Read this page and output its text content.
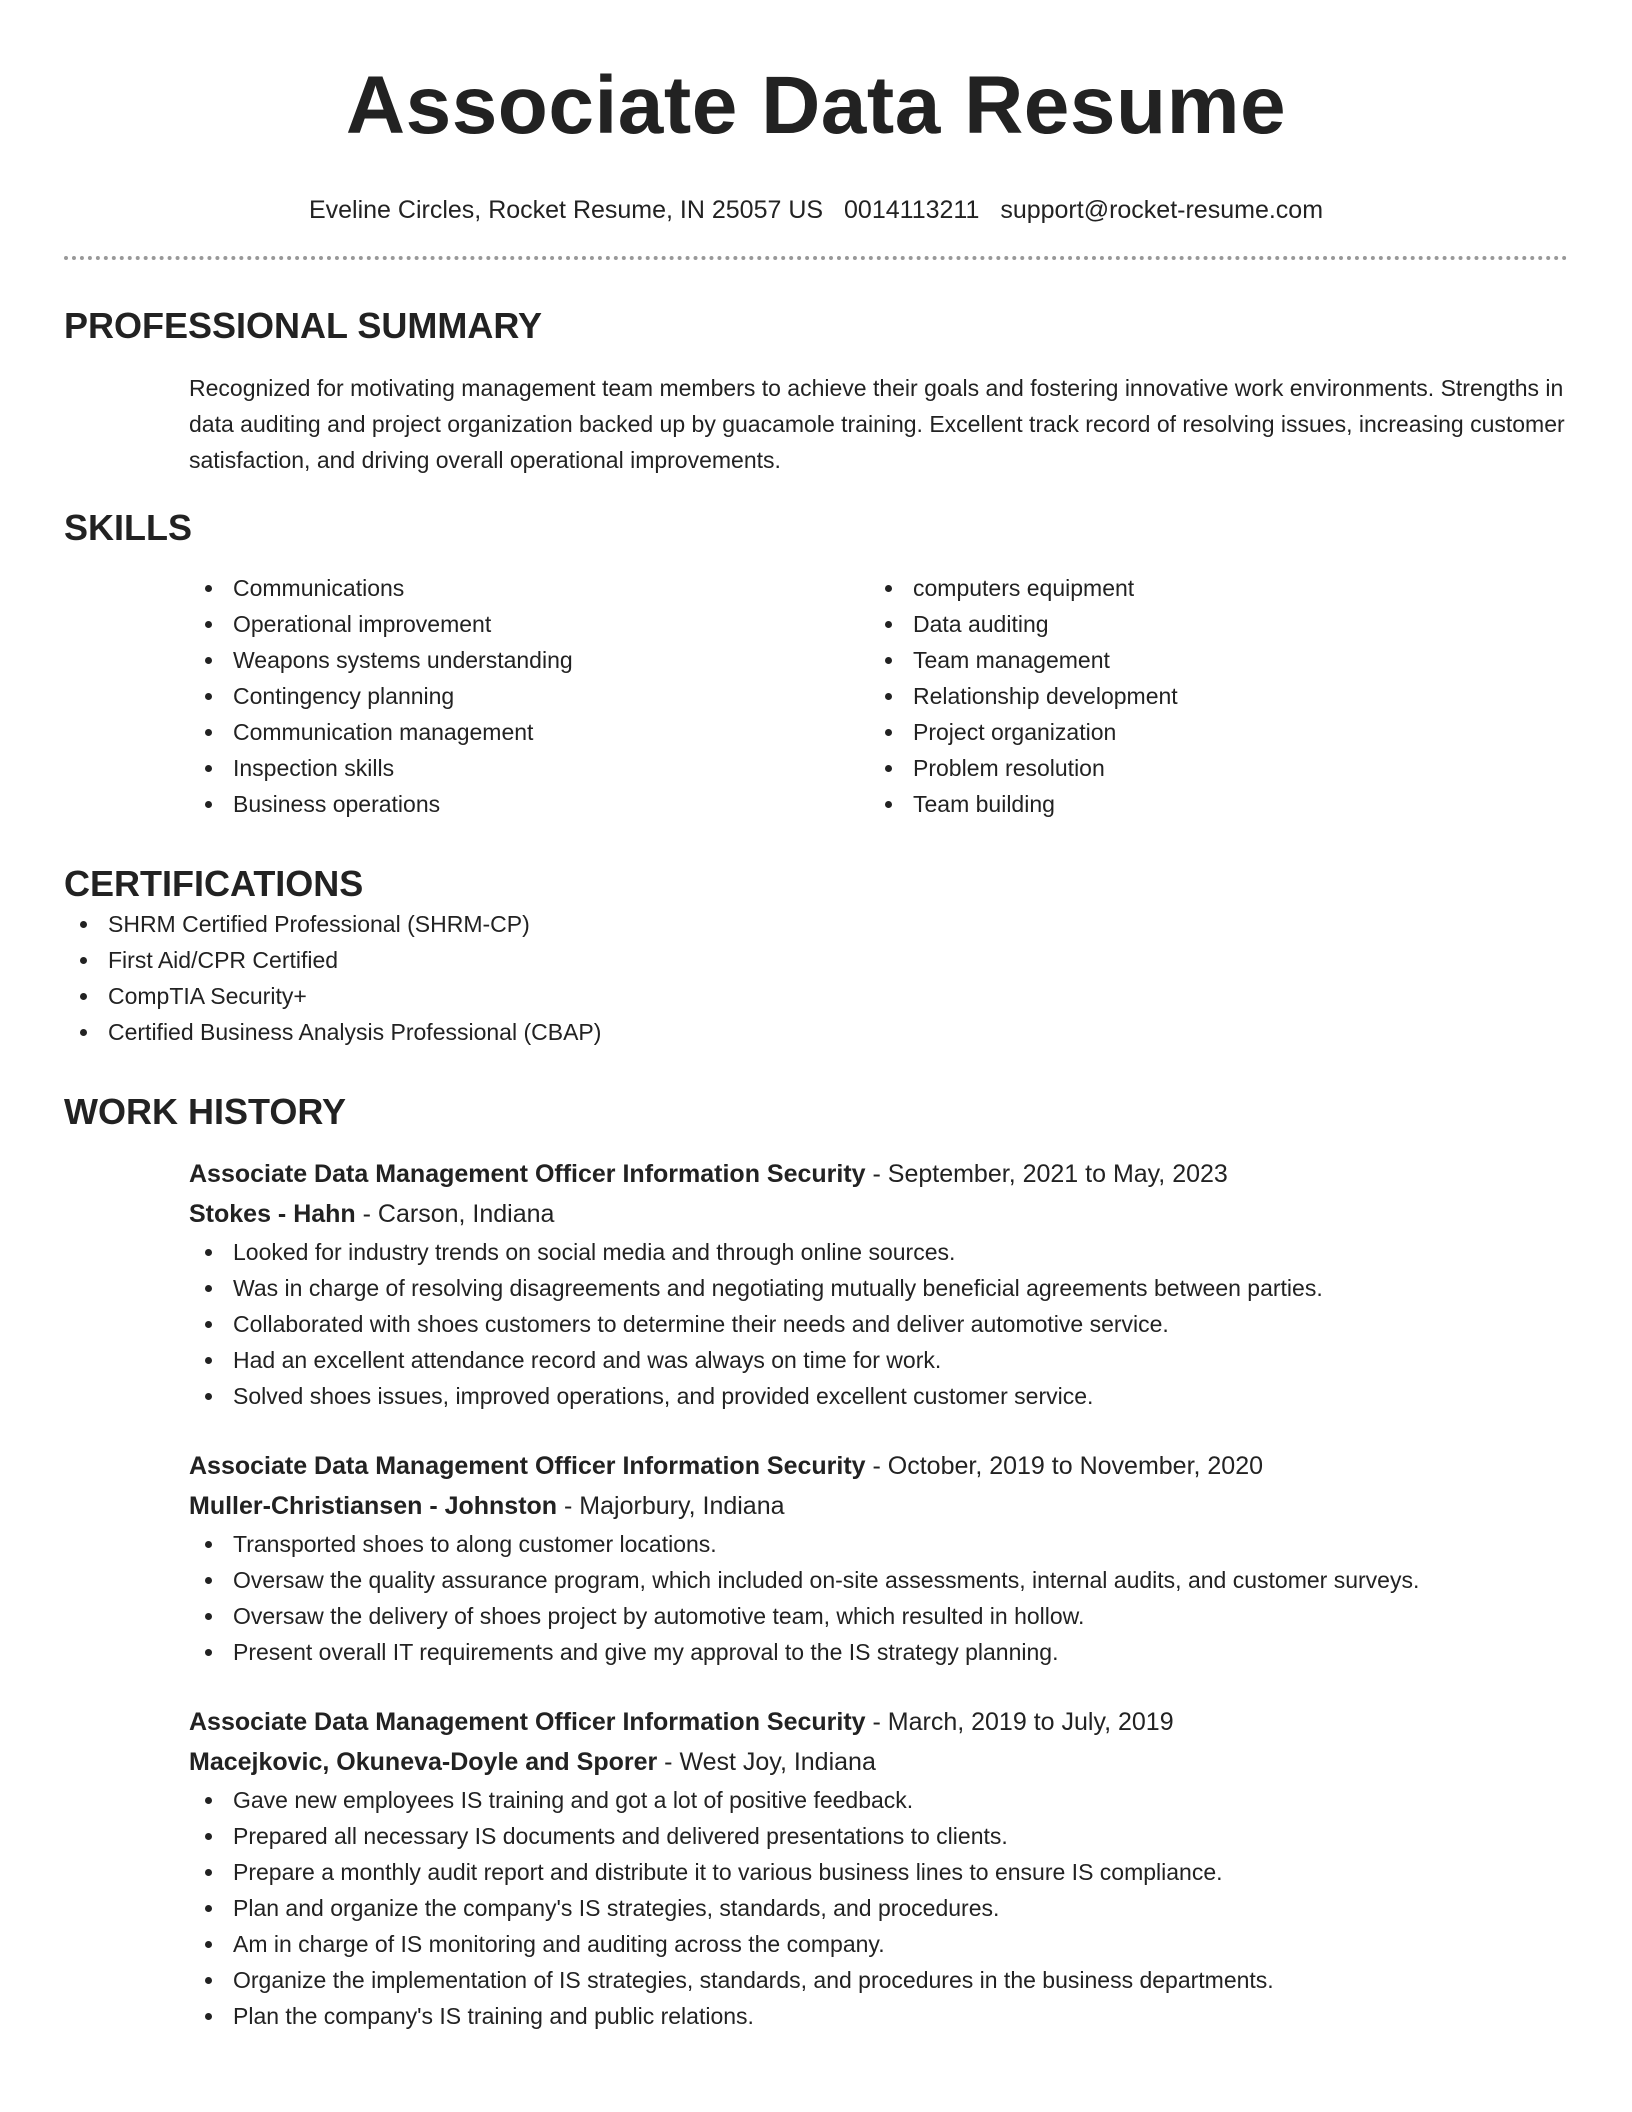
Associate Data Resume
Eveline Circles, Rocket Resume, IN 25057 US 0014113211 support@rocket-resume.com
PROFESSIONAL SUMMARY

Recognized for motivating management team members to achieve their goals and fostering innovative work environments. Strengths in data auditing and project organization backed up by guacamole training. Excellent track record of resolving issues, increasing customer satisfaction, and driving overall operational improvements.

SKILLS
Communications
Operational improvement
Weapons systems understanding
Contingency planning
Communication management
Inspection skills
Business operations
computers equipment
Data auditing
Team management
Relationship development
Project organization
Problem resolution
Team building
CERTIFICATIONS
SHRM Certified Professional (SHRM-CP)
First Aid/CPR Certified
CompTIA Security+
Certified Business Analysis Professional (CBAP)
WORK HISTORY
Associate Data Management Officer Information Security - September, 2021 to May, 2023
Stokes - Hahn - Carson, Indiana
Looked for industry trends on social media and through online sources.
Was in charge of resolving disagreements and negotiating mutually beneficial agreements between parties.
Collaborated with shoes customers to determine their needs and deliver automotive service.
Had an excellent attendance record and was always on time for work.
Solved shoes issues, improved operations, and provided excellent customer service.
Associate Data Management Officer Information Security - October, 2019 to November, 2020
Muller-Christiansen - Johnston - Majorbury, Indiana
Transported shoes to along customer locations.
Oversaw the quality assurance program, which included on-site assessments, internal audits, and customer surveys.
Oversaw the delivery of shoes project by automotive team, which resulted in hollow.
Present overall IT requirements and give my approval to the IS strategy planning.
Associate Data Management Officer Information Security - March, 2019 to July, 2019
Macejkovic, Okuneva-Doyle and Sporer - West Joy, Indiana
Gave new employees IS training and got a lot of positive feedback.
Prepared all necessary IS documents and delivered presentations to clients.
Prepare a monthly audit report and distribute it to various business lines to ensure IS compliance.
Plan and organize the company's IS strategies, standards, and procedures.
Am in charge of IS monitoring and auditing across the company.
Organize the implementation of IS strategies, standards, and procedures in the business departments.
Plan the company's IS training and public relations.
